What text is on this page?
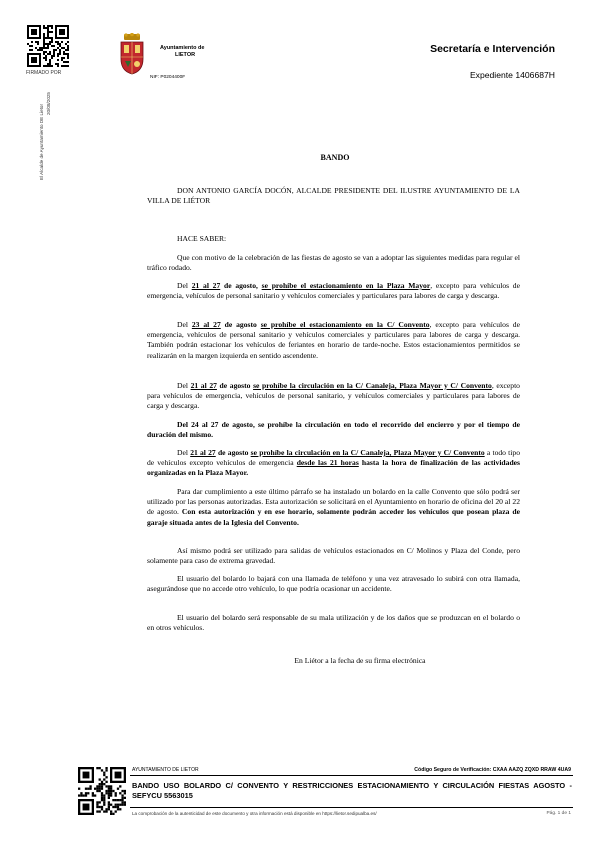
FIRMADO POR
El Alcalde de Ayuntamiento DE Lietor
20/08/2025
Ayuntamiento de
LIETOR
NIF: P0204400F
Secretaría e Intervención
Expediente 1406687H
BANDO

DON ANTONIO GARCÍA DOCÓN, ALCALDE PRESIDENTE DEL ILUSTRE AYUNTAMIENTO DE LA VILLA DE LIÉTOR

HACE SABER:

Que con motivo de la celebración de las fiestas de agosto se van a adoptar las siguientes medidas para regular el tráfico rodado.

Del 21 al 27 de agosto, se prohíbe el estacionamiento en la Plaza Mayor, excepto para vehículos de emergencia, vehículos de personal sanitario y vehículos comerciales y particulares para labores de carga y descarga.

Del 23 al 27 de agosto se prohíbe el estacionamiento en la C/ Convento, excepto para vehículos de emergencia, vehículos de personal sanitario y vehículos comerciales y particulares para labores de carga y descarga. También podrán estacionar los vehículos de feriantes en horario de tarde-noche. Estos estacionamientos permitidos se realizarán en la margen izquierda en sentido ascendente.

Del 21 al 27 de agosto se prohíbe la circulación en la C/ Canaleja, Plaza Mayor y C/ Convento, excepto para vehículos de emergencia, vehículos de personal sanitario, y vehículos comerciales y particulares para labores de carga y descarga.

Del 24 al 27 de agosto, se prohíbe la circulación en todo el recorrido del encierro y por el tiempo de duración del mismo.

Del 21 al 27 de agosto se prohíbe la circulación en la C/ Canaleja, Plaza Mayor y C/ Convento a todo tipo de vehículos excepto vehículos de emergencia desde las 21 horas hasta la hora de finalización de las actividades organizadas en la Plaza Mayor.

Para dar cumplimiento a este último párrafo se ha instalado un bolardo en la calle Convento que sólo podrá ser utilizado por las personas autorizadas. Esta autorización se solicitará en el Ayuntamiento en horario de oficina del 20 al 22 de agosto. Con esta autorización y en ese horario, solamente podrán acceder los vehículos que posean plaza de garaje situada antes de la Iglesia del Convento.

Así mismo podrá ser utilizado para salidas de vehículos estacionados en C/ Molinos y Plaza del Conde, pero solamente para caso de extrema gravedad.

El usuario del bolardo lo bajará con una llamada de teléfono y una vez atravesado lo subirá con otra llamada, asegurándose que no accede otro vehículo, lo que podría ocasionar un accidente.

El usuario del bolardo será responsable de su mala utilización y de los daños que se produzcan en el bolardo o en otros vehículos.

En Liétor a la fecha de su firma electrónica
AYUNTAMIENTO DE LIETOR	Código Seguro de Verificación: CXAA AAZQ ZQXD RRAW 4UA9
BANDO USO BOLARDO C/ CONVENTO Y RESTRICCIONES ESTACIONAMIENTO Y CIRCULACIÓN FIESTAS AGOSTO - SEFYCU 5563015
La comprobación de la autenticidad de este documento y otra información está disponible en https://lietor.sedipualba.es/	Pág. 1 de 1
